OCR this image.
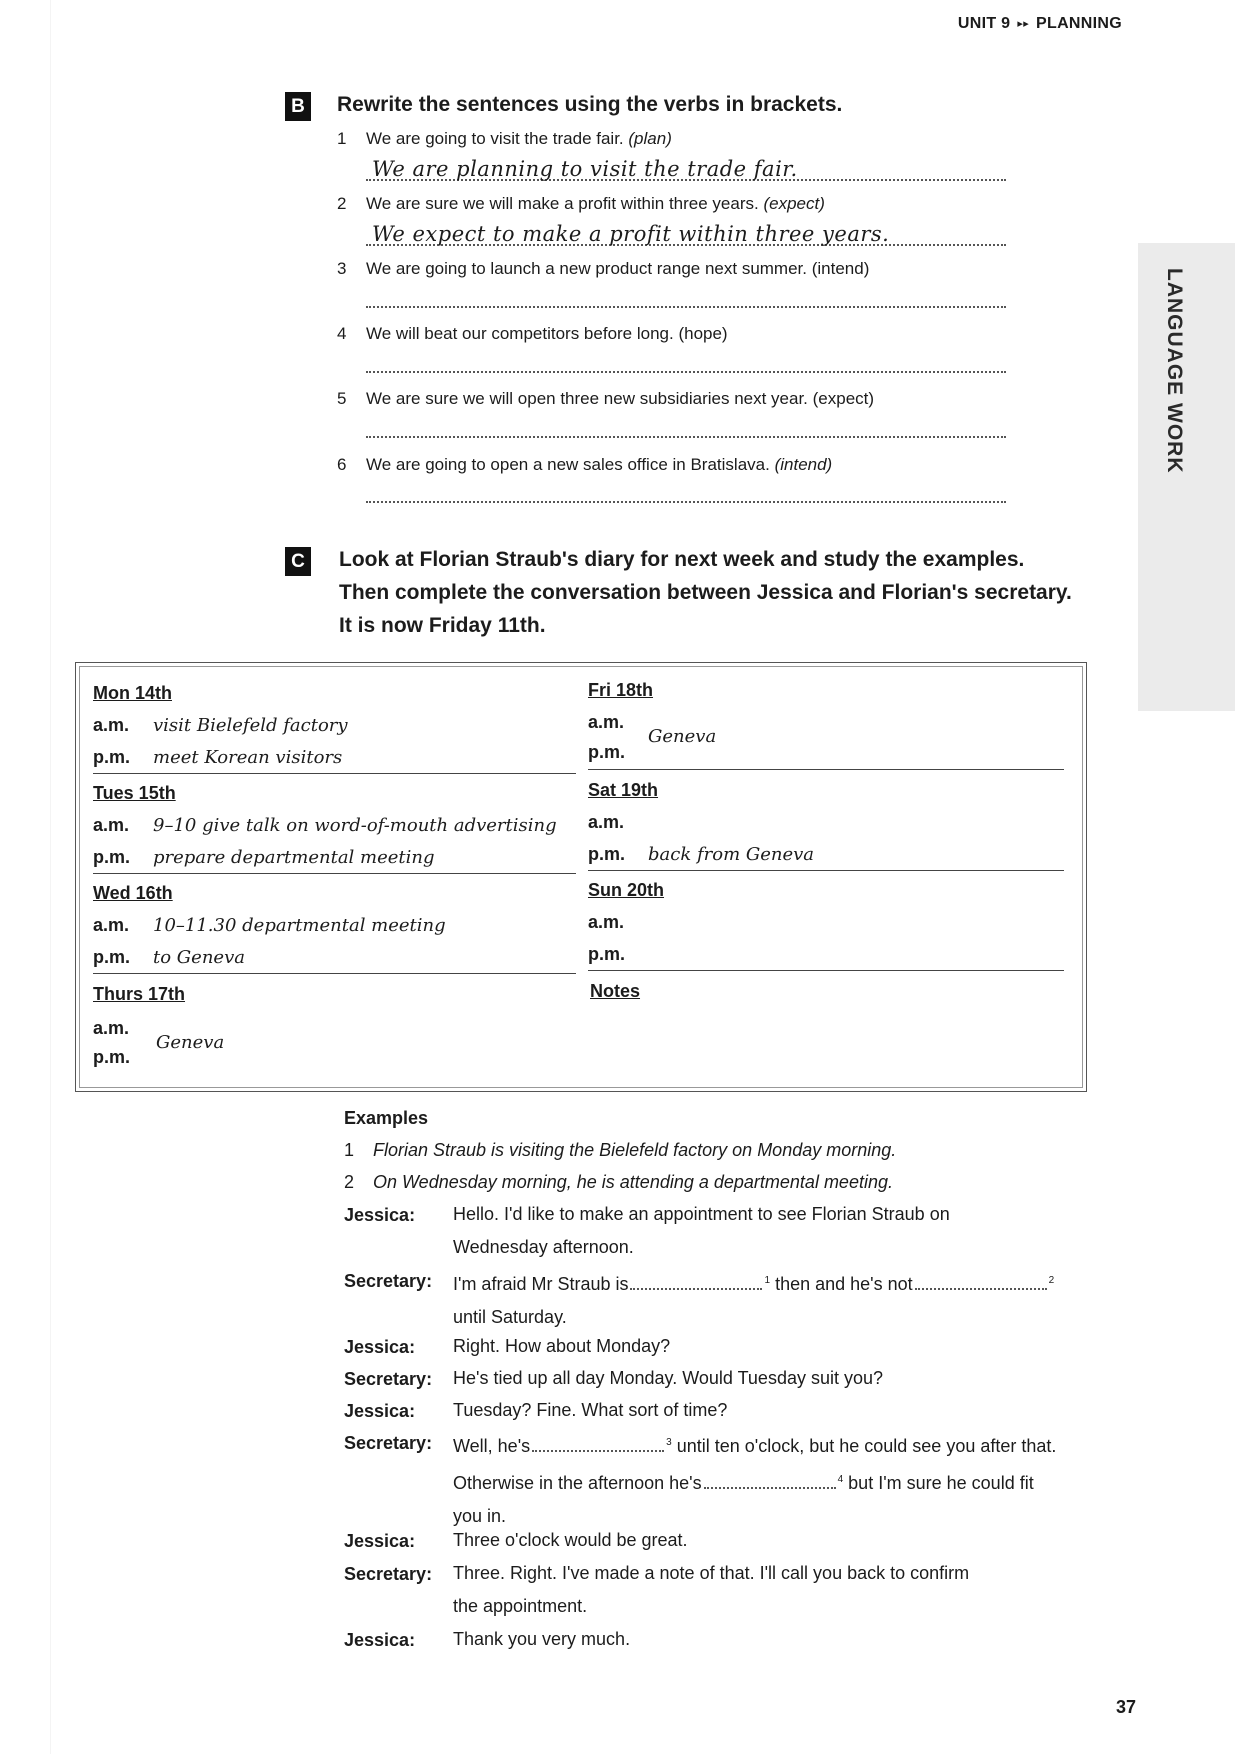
UNIT 9 ▸▸ PLANNING
LANGUAGE WORK
B Rewrite the sentences using the verbs in brackets.
1	We are going to visit the trade fair. (plan)
We are planning to visit the trade fair.
2	We are sure we will make a profit within three years. (expect)
We expect to make a profit within three years.
3	We are going to launch a new product range next summer. (intend)
4	We will beat our competitors before long. (hope)
5	We are sure we will open three new subsidiaries next year. (expect)
6	We are going to open a new sales office in Bratislava. (intend)
C Look at Florian Straub's diary for next week and study the examples.
Then complete the conversation between Jessica and Florian's secretary.
It is now Friday 11th.
Mon 14th
a.m. visit Bielefeld factory
p.m. meet Korean visitors
Tues 15th
a.m. 9–10 give talk on word-of-mouth advertising
p.m. prepare departmental meeting
Wed 16th
a.m. 10–11.30 departmental meeting
p.m. to Geneva
Thurs 17th
a.m.
p.m.
Geneva
Fri 18th
a.m.
p.m.
Geneva
Sat 19th
a.m.
p.m. back from Geneva
Sun 20th
a.m.
p.m.
Notes
Examples
1	Florian Straub is visiting the Bielefeld factory on Monday morning.
2	On Wednesday morning, he is attending a departmental meeting.
Jessica: Hello. I'd like to make an appointment to see Florian Straub on
Wednesday afternoon.
Secretary: I'm afraid Mr Straub is	$^1$ then and he's not	$^2$
until Saturday.
Jessica: Right. How about Monday?
Secretary: He's tied up all day Monday. Would Tuesday suit you?
Jessica: Tuesday? Fine. What sort of time?
Secretary: Well, he's	$^3$ until ten o'clock, but he could see you after that.
Otherwise in the afternoon he's	$^4$ but I'm sure he could fit
you in.
Jessica: Three o'clock would be great.
Secretary: Three. Right. I've made a note of that. I'll call you back to confirm
the appointment.
Jessica: Thank you very much.
37
